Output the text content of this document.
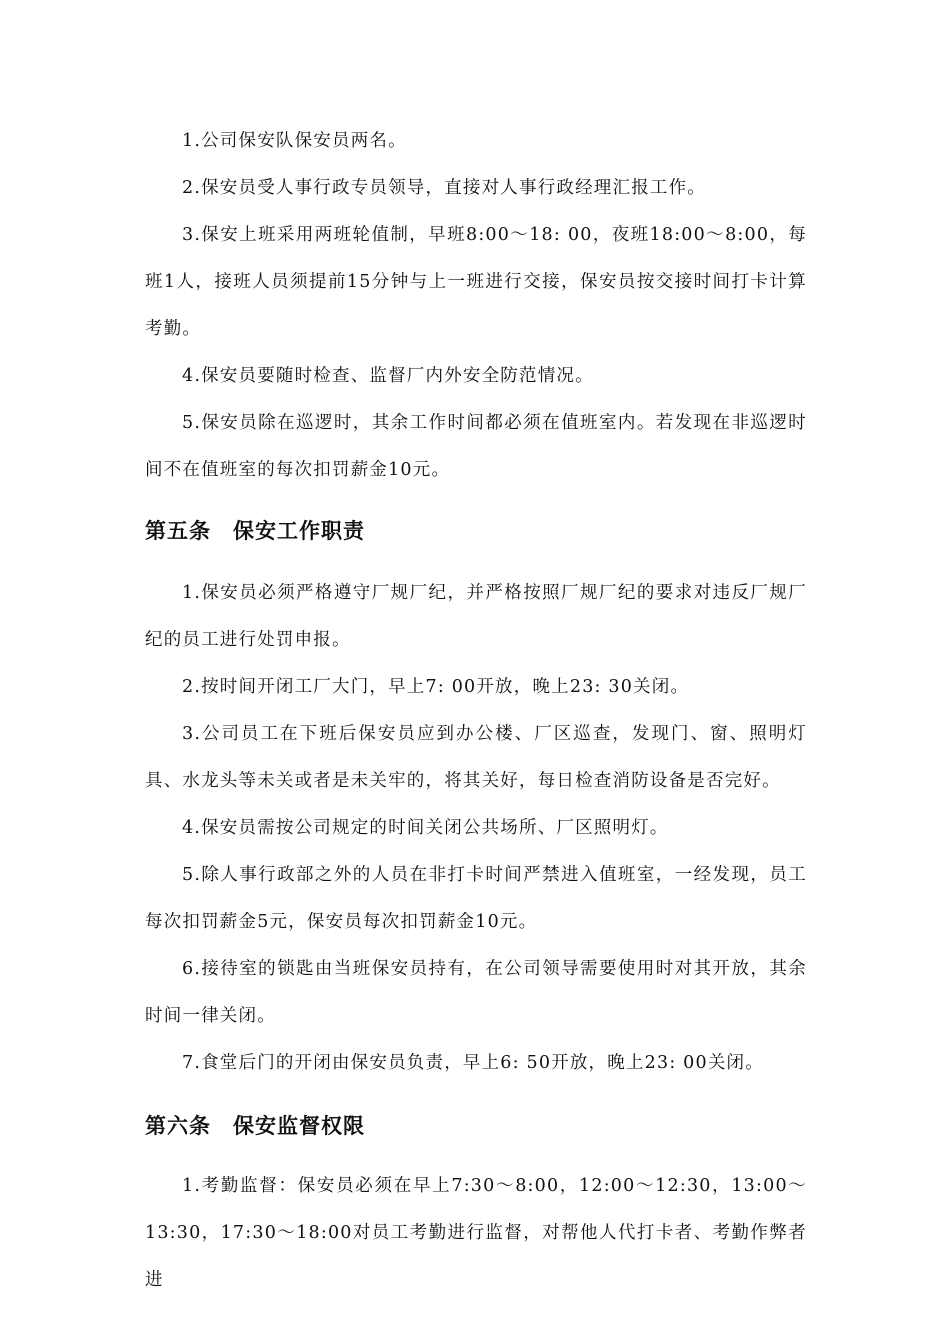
1.公司保安队保安员两名。

2.保安员受人事行政专员领导，直接对人事行政经理汇报工作。

3.保安上班采用两班轮值制，早班8:00～18: 00，夜班18:00～8:00，每班1人，接班人员须提前15分钟与上一班进行交接，保安员按交接时间打卡计算考勤。

4.保安员要随时检查、监督厂内外安全防范情况。

5.保安员除在巡逻时，其余工作时间都必须在值班室内。若发现在非巡逻时间不在值班室的每次扣罚薪金10元。

第五条　保安工作职责

1.保安员必须严格遵守厂规厂纪，并严格按照厂规厂纪的要求对违反厂规厂纪的员工进行处罚申报。

2.按时间开闭工厂大门，早上7: 00开放，晚上23: 30关闭。

3.公司员工在下班后保安员应到办公楼、厂区巡查，发现门、窗、照明灯具、水龙头等未关或者是未关牢的，将其关好，每日检查消防设备是否完好。

4.保安员需按公司规定的时间关闭公共场所、厂区照明灯。

5.除人事行政部之外的人员在非打卡时间严禁进入值班室，一经发现，员工每次扣罚薪金5元，保安员每次扣罚薪金10元。

6.接待室的锁匙由当班保安员持有，在公司领导需要使用时对其开放，其余时间一律关闭。

7.食堂后门的开闭由保安员负责，早上6: 50开放，晚上23: 00关闭。

第六条　保安监督权限

1.考勤监督：保安员必须在早上7:30～8:00，12:00～12:30，13:00～13:30，17:30～18:00对员工考勤进行监督，对帮他人代打卡者、考勤作弊者进
